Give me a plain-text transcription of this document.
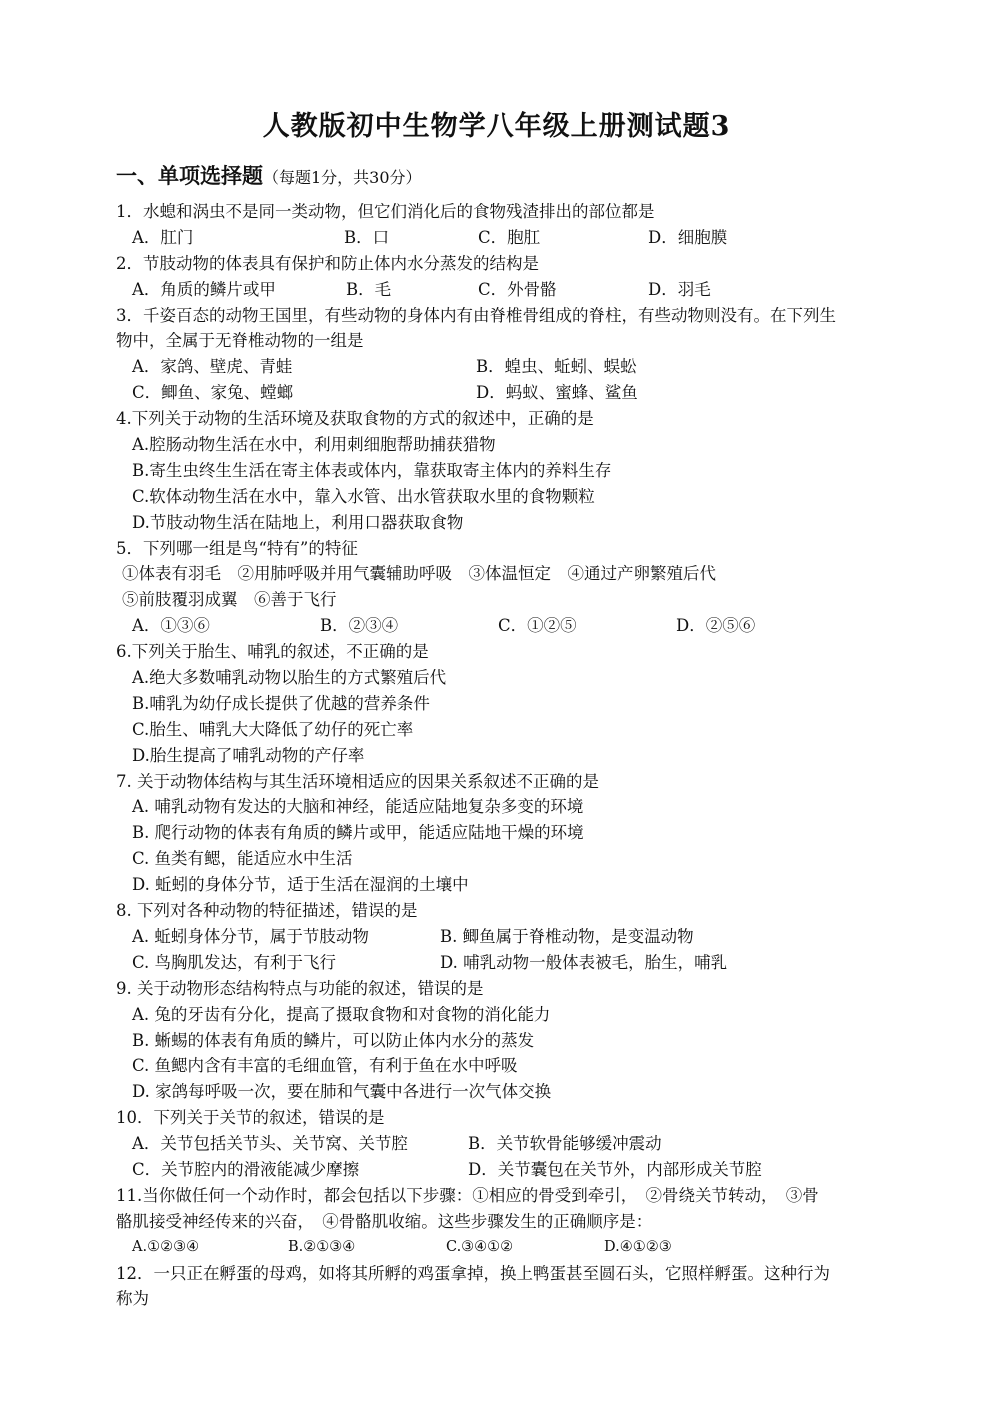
人教版初中生物学八年级上册测试题3
一、单项选择题（每题1分，共30分）
1．水螅和涡虫不是同一类动物，但它们消化后的食物残渣排出的部位都是
A．肛门	B．口	C．胞肛	D．细胞膜
2．节肢动物的体表具有保护和防止体内水分蒸发的结构是
A．角质的鳞片或甲	B．毛	C．外骨骼	D．羽毛
3．千姿百态的动物王国里，有些动物的身体内有由脊椎骨组成的脊柱，有些动物则没有。在下列生
物中，全属于无脊椎动物的一组是
A．家鸽、壁虎、青蛙	B．蝗虫、蚯蚓、蜈蚣
C．鲫鱼、家兔、螳螂	D．蚂蚁、蜜蜂、鲨鱼
4.下列关于动物的生活环境及获取食物的方式的叙述中，正确的是
A.腔肠动物生活在水中，利用刺细胞帮助捕获猎物
B.寄生虫终生生活在寄主体表或体内，靠获取寄主体内的养料生存
C.软体动物生活在水中，靠入水管、出水管获取水里的食物颗粒
D.节肢动物生活在陆地上，利用口器获取食物
5．下列哪一组是鸟“特有”的特征
①体表有羽毛　②用肺呼吸并用气囊辅助呼吸　③体温恒定　④通过产卵繁殖后代
⑤前肢覆羽成翼　⑥善于飞行
A．①③⑥	B．②③④	C．①②⑤	D．②⑤⑥
6.下列关于胎生、哺乳的叙述，不正确的是
A.绝大多数哺乳动物以胎生的方式繁殖后代
B.哺乳为幼仔成长提供了优越的营养条件
C.胎生、哺乳大大降低了幼仔的死亡率
D.胎生提高了哺乳动物的产仔率
7. 关于动物体结构与其生活环境相适应的因果关系叙述不正确的是
A. 哺乳动物有发达的大脑和神经，能适应陆地复杂多变的环境
B. 爬行动物的体表有角质的鳞片或甲，能适应陆地干燥的环境
C. 鱼类有鳃，能适应水中生活
D. 蚯蚓的身体分节，适于生活在湿润的土壤中
8. 下列对各种动物的特征描述，错误的是
A. 蚯蚓身体分节，属于节肢动物	B. 鲫鱼属于脊椎动物，是变温动物
C. 鸟胸肌发达，有利于飞行	D. 哺乳动物一般体表被毛，胎生，哺乳
9. 关于动物形态结构特点与功能的叙述，错误的是
A. 兔的牙齿有分化，提高了摄取食物和对食物的消化能力
B. 蜥蜴的体表有角质的鳞片，可以防止体内水分的蒸发
C. 鱼鳃内含有丰富的毛细血管，有利于鱼在水中呼吸
D. 家鸽每呼吸一次，要在肺和气囊中各进行一次气体交换
10．下列关于关节的叙述，错误的是
A．关节包括关节头、关节窝、关节腔	B．关节软骨能够缓冲震动
C．关节腔内的滑液能减少摩擦	D．关节囊包在关节外，内部形成关节腔
11.当你做任何一个动作时，都会包括以下步骤：①相应的骨受到牵引，　②骨绕关节转动，　③骨
骼肌接受神经传来的兴奋，　④骨骼肌收缩。这些步骤发生的正确顺序是：
A.①②③④	B.②①③④	C.③④①②	D.④①②③
12．一只正在孵蛋的母鸡，如将其所孵的鸡蛋拿掉，换上鸭蛋甚至圆石头，它照样孵蛋。这种行为
称为
